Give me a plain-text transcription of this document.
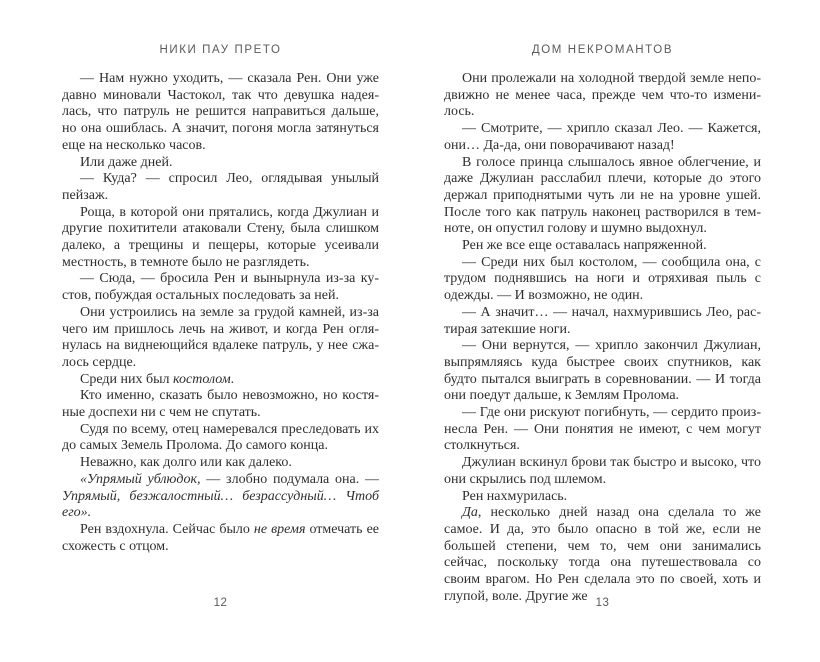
НИКИ ПАУ ПРЕТО

— Нам нужно уходить, — сказала Рен. Они уже давно миновали Частокол, так что девушка надеялась, что патруль не решится направиться дальше, но она ошиблась. А значит, погоня могла затянуться еще на несколько часов.

Или даже дней.

— Куда? — спросил Лео, оглядывая унылый пейзаж.

Роща, в которой они прятались, когда Джулиан и другие похитители атаковали Стену, была слишком далеко, а трещины и пещеры, которые усеивали местность, в темноте было не разглядеть.

— Сюда, — бросила Рен и вынырнула из-за кустов, побуждая остальных последовать за ней.

Они устроились на земле за грудой камней, из-за чего им пришлось лечь на живот, и когда Рен оглянулась на виднеющийся вдалеке патруль, у нее сжалось сердце.

Среди них был костолом.

Кто именно, сказать было невозможно, но костяные доспехи ни с чем не спутать.

Судя по всему, отец намеревался преследовать их до самых Земель Пролома. До самого конца.

Неважно, как долго или как далеко.

«Упрямый ублюдок, — злобно подумала она. — Упрямый, безжалостный… безрассудный… Чтоб его».

Рен вздохнула. Сейчас было не время отмечать ее схожесть с отцом.

12
ДОМ НЕКРОМАНТОВ

Они пролежали на холодной твердой земле неподвижно не менее часа, прежде чем что-то изменилось.

— Смотрите, — хрипло сказал Лео. — Кажется, они… Да-да, они поворачивают назад!

В голосе принца слышалось явное облегчение, и даже Джулиан расслабил плечи, которые до этого держал приподнятыми чуть ли не на уровне ушей. После того как патруль наконец растворился в темноте, он опустил голову и шумно выдохнул.

Рен же все еще оставалась напряженной.

— Среди них был костолом, — сообщила она, с трудом поднявшись на ноги и отряхивая пыль с одежды. — И возможно, не один.

— А значит… — начал, нахмурившись Лео, растирая затекшие ноги.

— Они вернутся, — хрипло закончил Джулиан, выпрямляясь куда быстрее своих спутников, как будто пытался выиграть в соревновании. — И тогда они поедут дальше, к Землям Пролома.

— Где они рискуют погибнуть, — сердито произнесла Рен. — Они понятия не имеют, с чем могут столкнуться.

Джулиан вскинул брови так быстро и высоко, что они скрылись под шлемом.

Рен нахмурилась.

Да, несколько дней назад она сделала то же самое. И да, это было опасно в той же, если не большей степени, чем то, чем они занимались сейчас, поскольку тогда она путешествовала со своим врагом. Но Рен сделала это по своей, хоть и глупой, воле. Другие же 13
